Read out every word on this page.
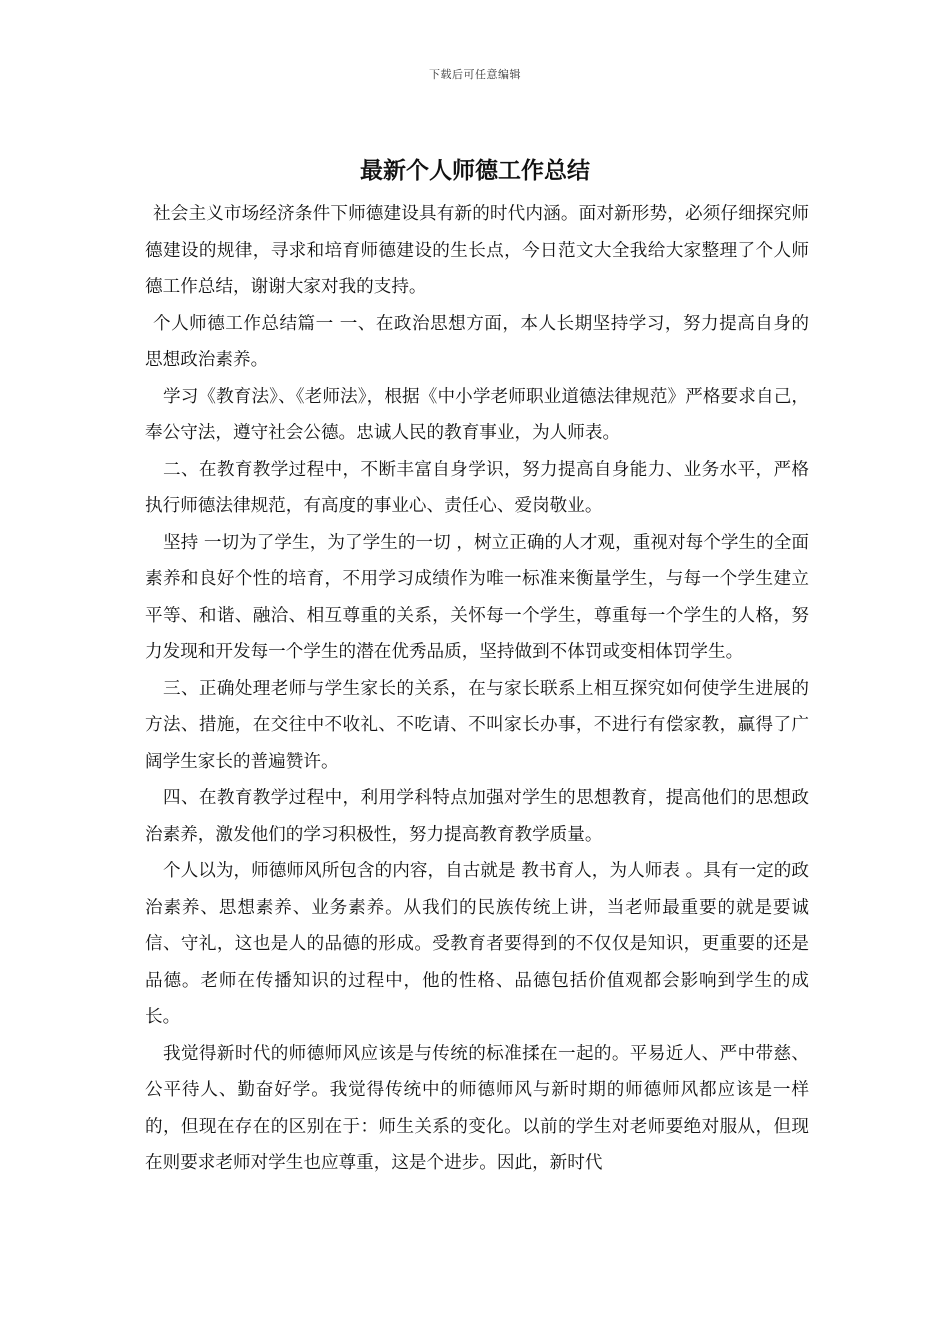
下载后可任意编辑
最新个人师德工作总结

社会主义市场经济条件下师德建设具有新的时代内涵。面对新形势，必须仔细探究师德建设的规律，寻求和培育师德建设的生长点，今日范文大全我给大家整理了个人师德工作总结，谢谢大家对我的支持。

个人师德工作总结篇一 一、在政治思想方面，本人长期坚持学习，努力提高自身的思想政治素养。

学习《教育法》、《老师法》，根据《中小学老师职业道德法律规范》严格要求自己，奉公守法，遵守社会公德。忠诚人民的教育事业，为人师表。

二、在教育教学过程中，不断丰富自身学识，努力提高自身能力、业务水平，严格执行师德法律规范，有高度的事业心、责任心、爱岗敬业。

坚持 一切为了学生，为了学生的一切 ，树立正确的人才观，重视对每个学生的全面素养和良好个性的培育，不用学习成绩作为唯一标准来衡量学生，与每一个学生建立平等、和谐、融洽、相互尊重的关系，关怀每一个学生，尊重每一个学生的人格，努力发现和开发每一个学生的潜在优秀品质，坚持做到不体罚或变相体罚学生。

三、正确处理老师与学生家长的关系，在与家长联系上相互探究如何使学生进展的方法、措施，在交往中不收礼、不吃请、不叫家长办事，不进行有偿家教，赢得了广阔学生家长的普遍赞许。

四、在教育教学过程中，利用学科特点加强对学生的思想教育，提高他们的思想政治素养，激发他们的学习积极性，努力提高教育教学质量。

个人以为，师德师风所包含的内容，自古就是 教书育人，为人师表 。具有一定的政治素养、思想素养、业务素养。从我们的民族传统上讲，当老师最重要的就是要诚信、守礼，这也是人的品德的形成。受教育者要得到的不仅仅是知识，更重要的还是品德。老师在传播知识的过程中，他的性格、品德包括价值观都会影响到学生的成长。

我觉得新时代的师德师风应该是与传统的标准揉在一起的。平易近人、严中带慈、公平待人、勤奋好学。我觉得传统中的师德师风与新时期的师德师风都应该是一样的，但现在存在的区别在于：师生关系的变化。以前的学生对老师要绝对服从，但现在则要求老师对学生也应尊重，这是个进步。因此，新时代
